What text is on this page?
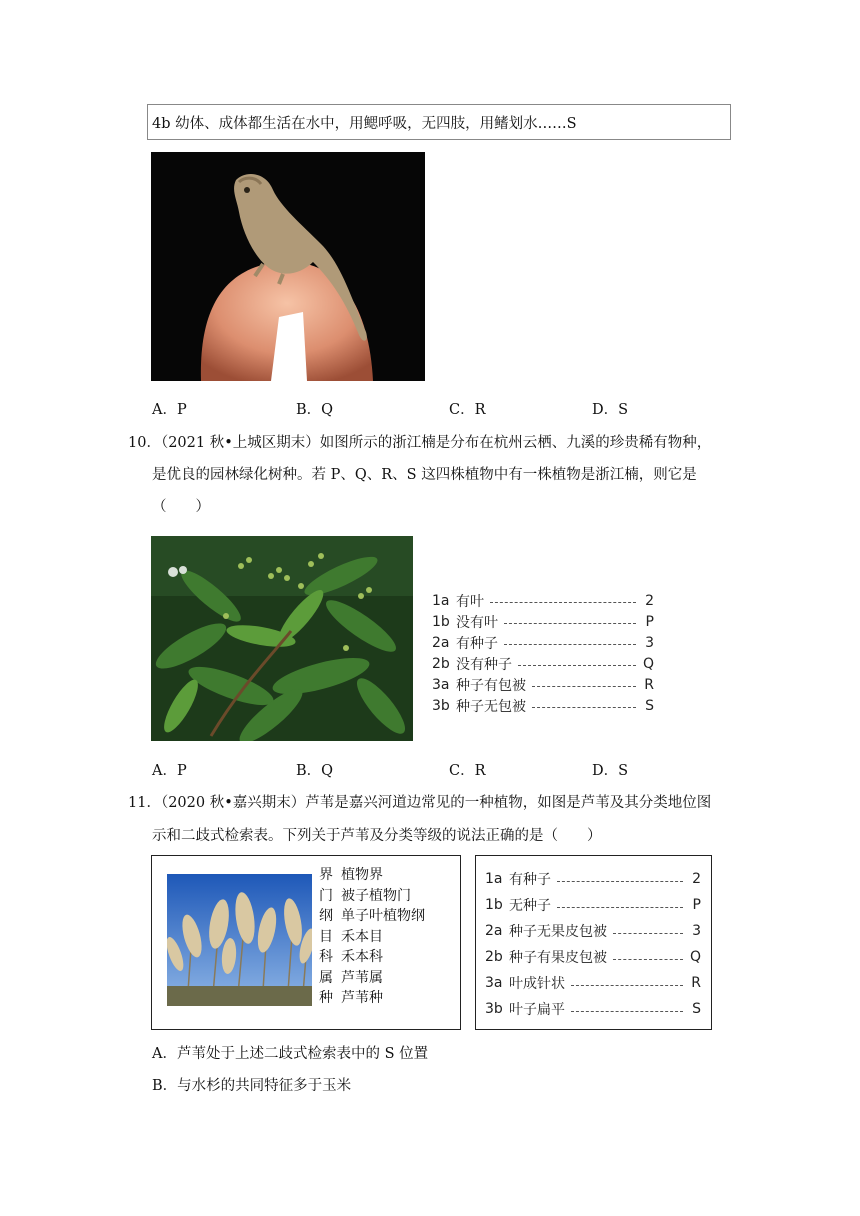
4b 幼体、成体都生活在水中，用鳃呼吸，无四肢，用鳍划水……S
A．P	B．Q	C．R	D．S
10．（2021 秋•上城区期末）如图所示的浙江楠是分布在杭州云栖、九溪的珍贵稀有物种，
是优良的园林绿化树种。若 P、Q、R、S 这四株植物中有一株植物是浙江楠，则它是
（　　）
1a 有叶	2
1b 没有叶	P
2a 有种子	3
2b 没有种子	Q
3a 种子有包被	R
3b 种子无包被	S
A．P	B．Q	C．R	D．S
11．（2020 秋•嘉兴期末）芦苇是嘉兴河道边常见的一种植物，如图是芦苇及其分类地位图
示和二歧式检索表。下列关于芦苇及分类等级的说法正确的是（　　）
界 植物界
门 被子植物门
纲 单子叶植物纲
目 禾本目
科 禾本科
属 芦苇属
种 芦苇种
1a 有种子	2
1b 无种子	P
2a 种子无果皮包被	3
2b 种子有果皮包被	Q
3a 叶成针状	R
3b 叶子扁平	S
A．芦苇处于上述二歧式检索表中的 S 位置
B．与水杉的共同特征多于玉米
